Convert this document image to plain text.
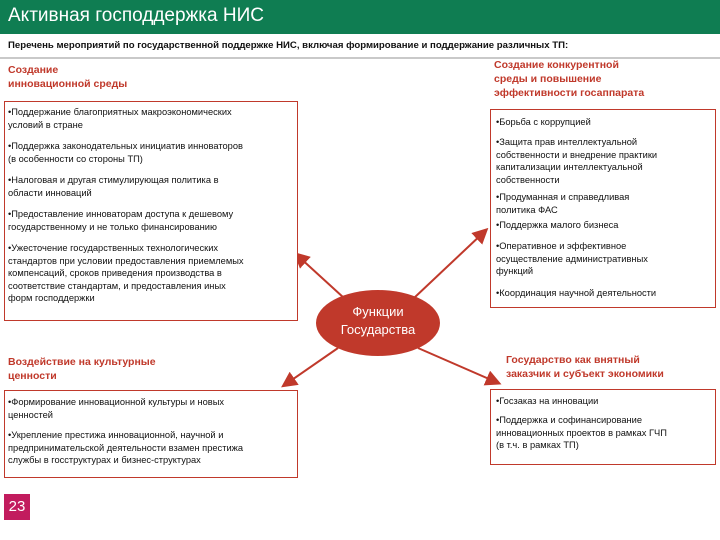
Активная господдержка НИС
Перечень мероприятий по государственной поддержке НИС, включая формирование и поддержание различных ТП:
Функции
Государства
Создание
инновационной среды
•Поддержание благоприятных макроэкономических
условий в стране
•Поддержка законодательных инициатив инноваторов
(в особенности со стороны ТП)
•Налоговая и другая стимулирующая политика в
области инноваций
•Предоставление инноваторам доступа к дешевому
государственному и не только финансированию
•Ужесточение государственных технологических
стандартов при условии предоставления приемлемых
компенсаций, сроков приведения производства в
соответствие стандартам, и предоставления иных
форм господдержки
Создание конкурентной
среды и повышение
эффективности госаппарата
•Борьба с коррупцией
•Защита прав интеллектуальной
собственности и внедрение практики
капитализации интеллектуальной
собственности
•Продуманная и справедливая
политика ФАС
•Поддержка малого бизнеса
•Оперативное и эффективное
осуществление административных
функций
•Координация научной деятельности
Воздействие на культурные
ценности
•Формирование инновационной культуры и новых
ценностей
•Укрепление престижа инновационной, научной и
предпринимательской деятельности взамен престижа
службы в госструктурах и бизнес-структурах
Государство как внятный
заказчик и субъект экономики
•Госзаказ на инновации
•Поддержка и софинансирование
инновационных проектов в рамках ГЧП
(в т.ч. в рамках ТП)
23
